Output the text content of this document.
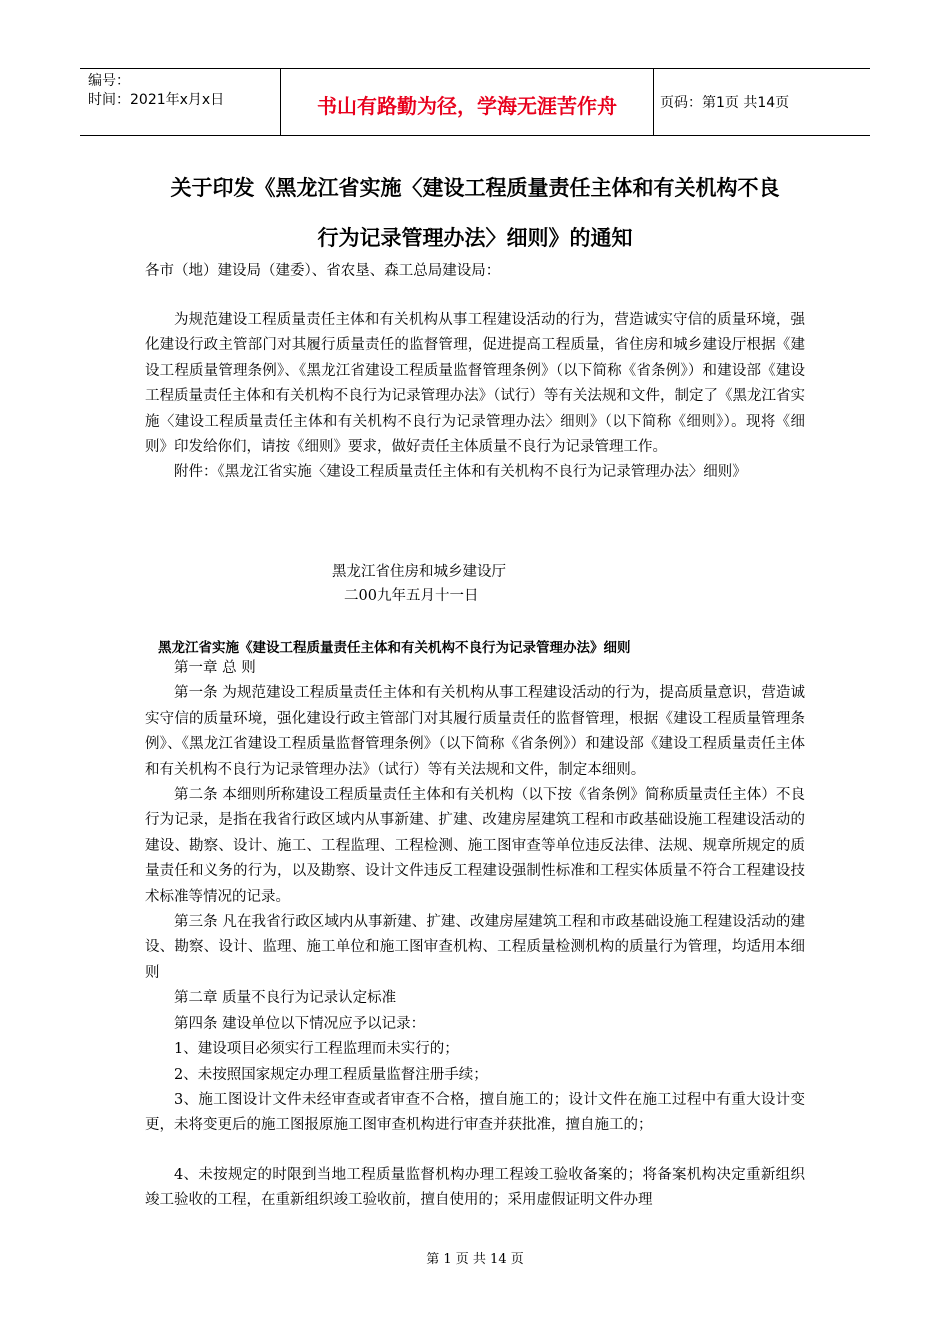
编号：
时间：2021年x月x日	书山有路勤为径，学海无涯苦作舟	页码：第1页 共14页
关于印发《黑龙江省实施〈建设工程质量责任主体和有关机构不良
行为记录管理办法〉细则》的通知

各市（地）建设局（建委）、省农垦、森工总局建设局：

为规范建设工程质量责任主体和有关机构从事工程建设活动的行为，营造诚实守信的质量环境，强化建设行政主管部门对其履行质量责任的监督管理，促进提高工程质量，省住房和城乡建设厅根据《建设工程质量管理条例》、《黑龙江省建设工程质量监督管理条例》（以下简称《省条例》）和建设部《建设工程质量责任主体和有关机构不良行为记录管理办法》（试行）等有关法规和文件，制定了《黑龙江省实施〈建设工程质量责任主体和有关机构不良行为记录管理办法〉细则》（以下简称《细则》）。现将《细则》印发给你们，请按《细则》要求，做好责任主体质量不良行为记录管理工作。

附件：《黑龙江省实施〈建设工程质量责任主体和有关机构不良行为记录管理办法〉细则》

黑龙江省住房和城乡建设厅
二00九年五月十一日
黑龙江省实施《建设工程质量责任主体和有关机构不良行为记录管理办法》细则

第一章 总 则

第一条 为规范建设工程质量责任主体和有关机构从事工程建设活动的行为，提高质量意识，营造诚实守信的质量环境，强化建设行政主管部门对其履行质量责任的监督管理，根据《建设工程质量管理条例》、《黑龙江省建设工程质量监督管理条例》（以下简称《省条例》）和建设部《建设工程质量责任主体和有关机构不良行为记录管理办法》（试行）等有关法规和文件，制定本细则。

第二条 本细则所称建设工程质量责任主体和有关机构（以下按《省条例》简称质量责任主体）不良行为记录，是指在我省行政区域内从事新建、扩建、改建房屋建筑工程和市政基础设施工程建设活动的建设、勘察、设计、施工、工程监理、工程检测、施工图审查等单位违反法律、法规、规章所规定的质量责任和义务的行为，以及勘察、设计文件违反工程建设强制性标准和工程实体质量不符合工程建设技术标准等情况的记录。

第三条 凡在我省行政区域内从事新建、扩建、改建房屋建筑工程和市政基础设施工程建设活动的建设、勘察、设计、监理、施工单位和施工图审查机构、工程质量检测机构的质量行为管理，均适用本细则

第二章 质量不良行为记录认定标准

第四条 建设单位以下情况应予以记录：

1、建设项目必须实行工程监理而未实行的；

2、未按照国家规定办理工程质量监督注册手续；

3、施工图设计文件未经审查或者审查不合格，擅自施工的；设计文件在施工过程中有重大设计变更，未将变更后的施工图报原施工图审查机构进行审查并获批准，擅自施工的；

4、未按规定的时限到当地工程质量监督机构办理工程竣工验收备案的；将备案机构决定重新组织竣工验收的工程，在重新组织竣工验收前，擅自使用的；采用虚假证明文件办理

第 1 页 共 14 页
